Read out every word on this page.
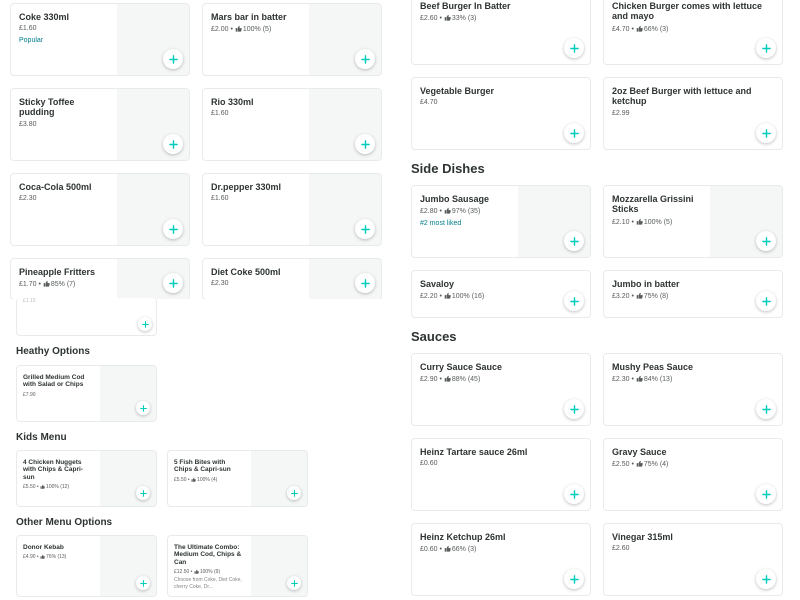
Coke 330ml
£1.60
Popular
Mars bar in batter
£2.00 • 100% (5)
Sticky Toffee pudding
£3.80
Rio 330ml
£1.60
Coca-Cola 500ml
£2.30
Dr.pepper 330ml
£1.60
Pineapple Fritters
£1.70 • 85% (7)
Diet Coke 500ml
£2.30
£1.10
Heathy Options
Grilled Medium Cod with Salad or Chips
£7.90
Kids Menu
4 Chicken Nuggets with Chips & Capri-sun
£5.50 • 100% (12)
5 Fish Bites with Chips & Capri-sun
£5.50 • 100% (4)
Other Menu Options
Donor Kebab
£4.90 • 76% (13)
The Ultimate Combo: Medium Cod, Chips & Can
£12.50 • 100% (9)
Choose from Coke, Diet Coke, cherry Coke, Dr...
Beef Burger In Batter
£2.60 • 33% (3)
Chicken Burger comes with lettuce and mayo
£4.70 • 66% (3)
Vegetable Burger
£4.70
2oz Beef Burger with lettuce and ketchup
£2.99
Side Dishes
Jumbo Sausage
£2.80 • 97% (35)
#2 most liked
Mozzarella Grissini Sticks
£2.10 • 100% (5)
Savaloy
£2.20 • 100% (16)
Jumbo in batter
£3.20 • 75% (8)
Sauces
Curry Sauce Sauce
£2.90 • 88% (45)
Mushy Peas Sauce
£2.30 • 84% (13)
Heinz Tartare sauce 26ml
£0.60
Gravy Sauce
£2.50 • 75% (4)
Heinz Ketchup 26ml
£0.60 • 66% (3)
Vinegar 315ml
£2.60
